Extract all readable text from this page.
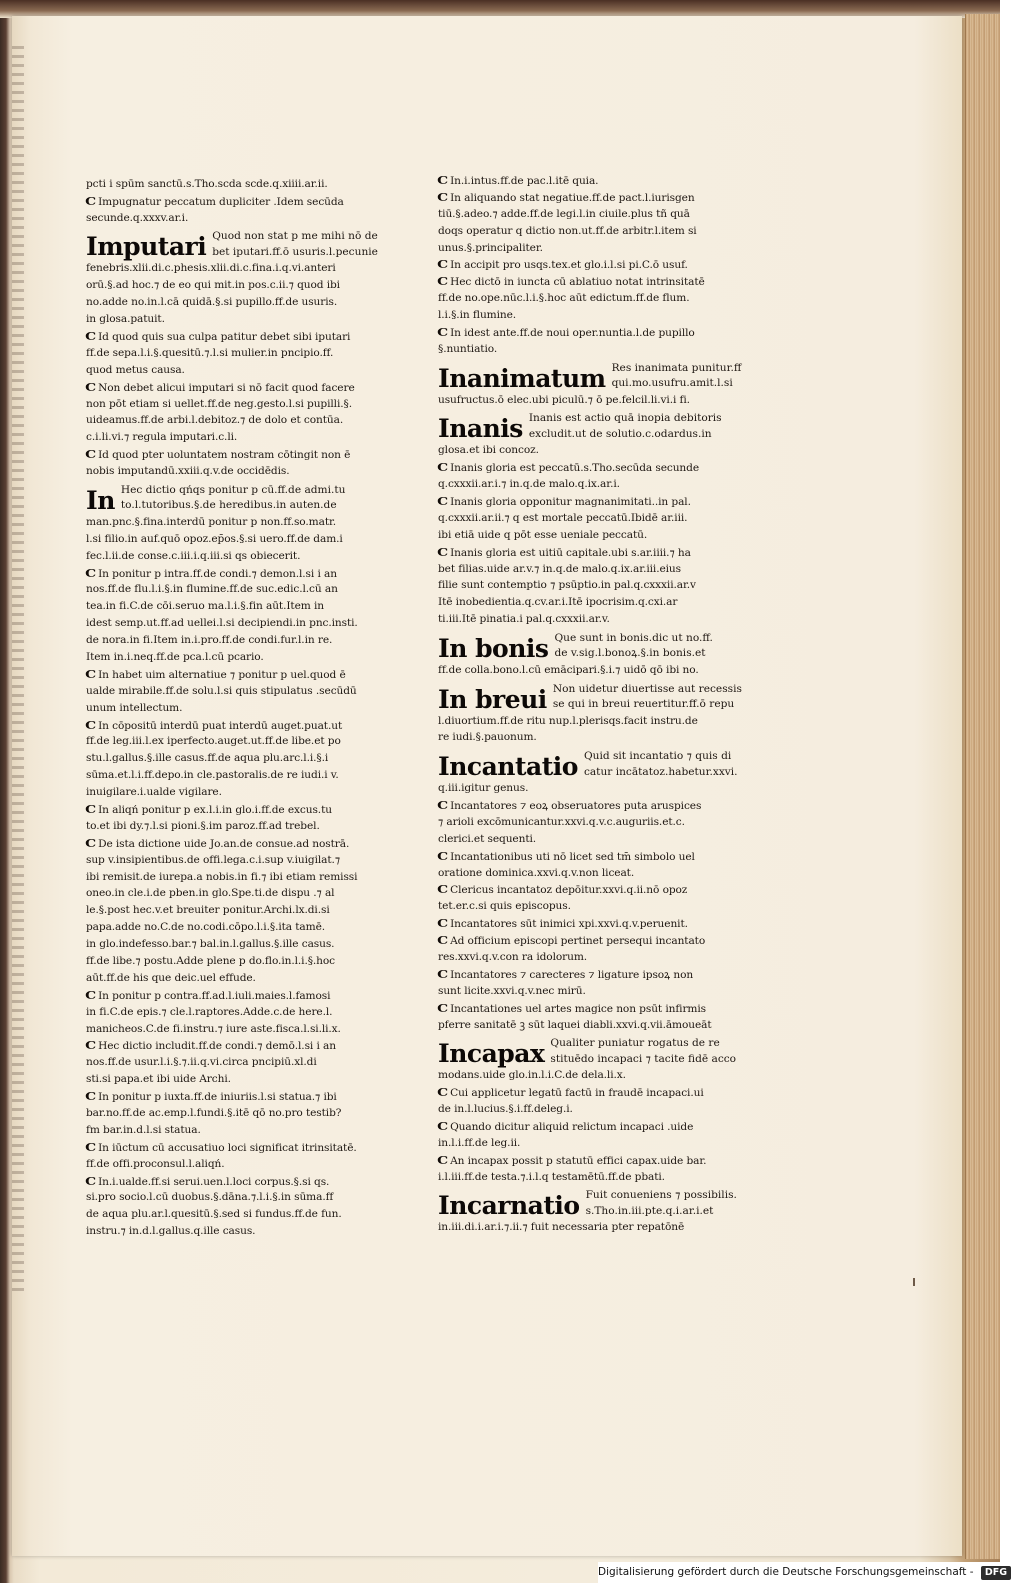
pcti i spūm sanctū.s.Tho.scda scde.q.xiiii.ar.ii.
C Impugnatur peccatum dupliciter .Idem secūda
secunde.q.xxxv.ar.i.
Imputari Quod non stat p me mihi nō de
bet iputari.ff.ō usuris.l.pecunie
fenebris.xlii.di.c.phesis.xlii.di.c.fina.i.q.vi.anteri
orū.§.ad hoc.⁊ de eo qui mit.in pos.c.ii.⁊ quod ibi
no.adde no.in.l.cā quidā.§.si pupillo.ff.de usuris.
in glosa.patuit.
C Id quod quis sua culpa patitur debet sibi iputari
ff.de sepa.l.i.§.quesitū.⁊.l.si mulier.in pncipio.ff.
quod metus causa.
C Non debet alicui imputari si nō facit quod facere
non pōt etiam si uellet.ff.de neg.gesto.l.si pupilli.§.
uideamus.ff.de arbi.l.debitoz.⁊ de dolo et contūa.
c.i.li.vi.⁊ regula imputari.c.li.
C Id quod pter uoluntatem nostram cōtingit non ē
nobis imputandū.xxiii.q.v.de occidēdis.
In Hec dictio qńqs ponitur p cū.ff.de admi.tu
to.l.tutoribus.§.de heredibus.in auten.de
man.pnc.§.fina.interdū ponitur p non.ff.so.matr.
l.si filio.in auf.quō opoz.ep̄os.§.si uero.ff.de dam.i
fec.l.ii.de conse.c.iii.i.q.iii.si qs obiecerit.
C In ponitur p intra.ff.de condi.⁊ demon.l.si i an
nos.ff.de flu.l.i.§.in flumine.ff.de suc.edic.l.cū an
tea.in fi.C.de cōi.seruo ma.l.i.§.fin aūt.Item in
idest semp.ut.ff.ad uellei.l.si decipiendi.in pnc.insti.
de nora.in fi.Item in.i.pro.ff.de condi.fur.l.in re.
Item in.i.neq.ff.de pca.l.cū pcario.
C In habet uim alternatiue ⁊ ponitur p uel.quod ē
ualde mirabile.ff.de solu.l.si quis stipulatus .secūdū
unum intellectum.
C In cōpositū interdū puat interdū auget.puat.ut
ff.de leg.iii.l.ex iperfecto.auget.ut.ff.de libe.et po
stu.l.gallus.§.ille casus.ff.de aqua plu.arc.l.i.§.i
sūma.et.l.i.ff.depo.in cle.pastoralis.de re iudi.i v.
inuigilare.i.ualde vigilare.
C In aliqń ponitur p ex.l.i.in glo.i.ff.de excus.tu
to.et ibi dy.⁊.l.si pioni.§.im paroz.ff.ad trebel.
C De ista dictione uide Jo.an.de consue.ad nostrā.
sup v.insipientibus.de offi.lega.c.i.sup v.iuigilat.⁊
ibi remisit.de iurepa.a nobis.in fi.⁊ ibi etiam remissi
oneo.in cle.i.de pben.in glo.Spe.ti.de dispu .⁊ al
le.§.post hec.v.et breuiter ponitur.Archi.lx.di.si
papa.adde no.C.de no.codi.cōpo.l.i.§.ita tamē.
in glo.indefesso.bar.⁊ bal.in.l.gallus.§.ille casus.
ff.de libe.⁊ postu.Adde plene p do.flo.in.l.i.§.hoc
aūt.ff.de his que deic.uel effude.
C In ponitur p contra.ff.ad.l.iuli.maies.l.famosi
in fi.C.de epis.⁊ cle.l.raptores.Adde.c.de here.l.
manicheos.C.de fi.instru.⁊ iure aste.fisca.l.si.li.x.
C Hec dictio includit.ff.de condi.⁊ demō.l.si i an
nos.ff.de usur.l.i.§.⁊.ii.q.vi.circa pncipiū.xl.di
sti.si papa.et ibi uide Archi.
C In ponitur p iuxta.ff.de iniuriis.l.si statua.⁊ ibi
bar.no.ff.de ac.emp.l.fundi.§.itē qō no.pro testib?
fm bar.in.d.l.si statua.
C In iūctum cū accusatiuo loci significat itrinsitatē.
ff.de offi.proconsul.l.aliqń.
C In.i.ualde.ff.si serui.uen.l.loci corpus.§.si qs.
si.pro socio.l.cū duobus.§.dāna.⁊.l.i.§.in sūma.ff
de aqua plu.ar.l.quesitū.§.sed si fundus.ff.de fun.
instru.⁊ in.d.l.gallus.q.ille casus.
C In.i.intus.ff.de pac.l.itē quia.
C In aliquando stat negatiue.ff.de pact.l.iurisgen
tiū.§.adeo.⁊ adde.ff.de legi.l.in ciuile.plus tñ quā
doqs operatur q dictio non.ut.ff.de arbitr.l.item si
unus.§.principaliter.
C In accipit pro usqs.tex.et glo.i.l.si pi.C.ō usuf.
C Hec dictō in iuncta cū ablatiuo notat intrinsitatē
ff.de no.ope.nūc.l.i.§.hoc aūt edictum.ff.de flum.
l.i.§.in flumine.
C In idest ante.ff.de noui oper.nuntia.l.de pupillo
§.nuntiatio.
Inanimatum Res inanimata punitur.ff
qui.mo.usufru.amit.l.si
usufructus.ō elec.ubi piculū.⁊ ō pe.felcil.li.vi.i fi.
Inanis Inanis est actio quā inopia debitoris
excludit.ut de solutio.c.odardus.in
glosa.et ibi concoz.
C Inanis gloria est peccatū.s.Tho.secūda secunde
q.cxxxii.ar.i.⁊ in.q.de malo.q.ix.ar.i.
C Inanis gloria opponitur magnanimitati..in pal.
q.cxxxii.ar.ii.⁊ q est mortale peccatū.Ibidē ar.iii.
ibi etiā uide q pōt esse ueniale peccatū.
C Inanis gloria est uitiū capitale.ubi s.ar.iiii.⁊ ha
bet filias.uide ar.v.⁊ in.q.de malo.q.ix.ar.iii.eius
filie sunt contemptio ⁊ psūptio.in pal.q.cxxxii.ar.v
Itē inobedientia.q.cv.ar.i.Itē ipocrisim.q.cxi.ar
ti.iii.Itē pinatia.i pal.q.cxxxii.ar.v.
In bonis Que sunt in bonis.dic ut no.ff.
de v.sig.l.bonoꝝ.§.in bonis.et
ff.de colla.bono.l.cū emācipari.§.i.⁊ uidō qō ibi no.
In breui Non uidetur diuertisse aut recessis
se qui in breui reuertitur.ff.ō repu
l.diuortium.ff.de ritu nup.l.plerisqs.facit instru.de
re iudi.§.pauonum.
Incantatio Quid sit incantatio ⁊ quis di
catur incātatoz.habetur.xxvi.
q.iii.igitur genus.
C Incantatores ⁊ eoꝝ obseruatores puta aruspices
⁊ arioli excōmunicantur.xxvi.q.v.c.auguriis.et.c.
clerici.et sequenti.
C Incantationibus uti nō licet sed tm̄ simbolo uel
oratione dominica.xxvi.q.v.non liceat.
C Clericus incantatoz depōitur.xxvi.q.ii.nō opoz
tet.er.c.si quis episcopus.
C Incantatores sūt inimici xpi.xxvi.q.v.peruenit.
C Ad officium episcopi pertinet persequi incantato
res.xxvi.q.v.con ra idolorum.
C Incantatores ⁊ carecteres ⁊ ligature ipsoꝝ non
sunt licite.xxvi.q.v.nec mirū.
C Incantationes uel artes magice non psūt infirmis
pferre sanitatē ꝫ sūt laquei diabli.xxvi.q.vii.āmoueāt
Incapax Qualiter puniatur rogatus de re
stituēdo incapaci ⁊ tacite fidē acco
modans.uide glo.in.l.i.C.de dela.li.x.
C Cui applicetur legatū factū in fraudē incapaci.ui
de in.l.lucius.§.i.ff.deleg.i.
C Quando dicitur aliquid relictum incapaci .uide
in.l.i.ff.de leg.ii.
C An incapax possit p statutū effici capax.uide bar.
i.l.iii.ff.de testa.⁊.i.l.q testamētū.ff.de pbati.
Incarnatio Fuit conueniens ⁊ possibilis.
s.Tho.in.iii.pte.q.i.ar.i.et
in.iii.di.i.ar.i.⁊.ii.⁊ fuit necessaria pter repatōnē
Digitalisierung gefördert durch die Deutsche Forschungsgemeinschaft - DFG
